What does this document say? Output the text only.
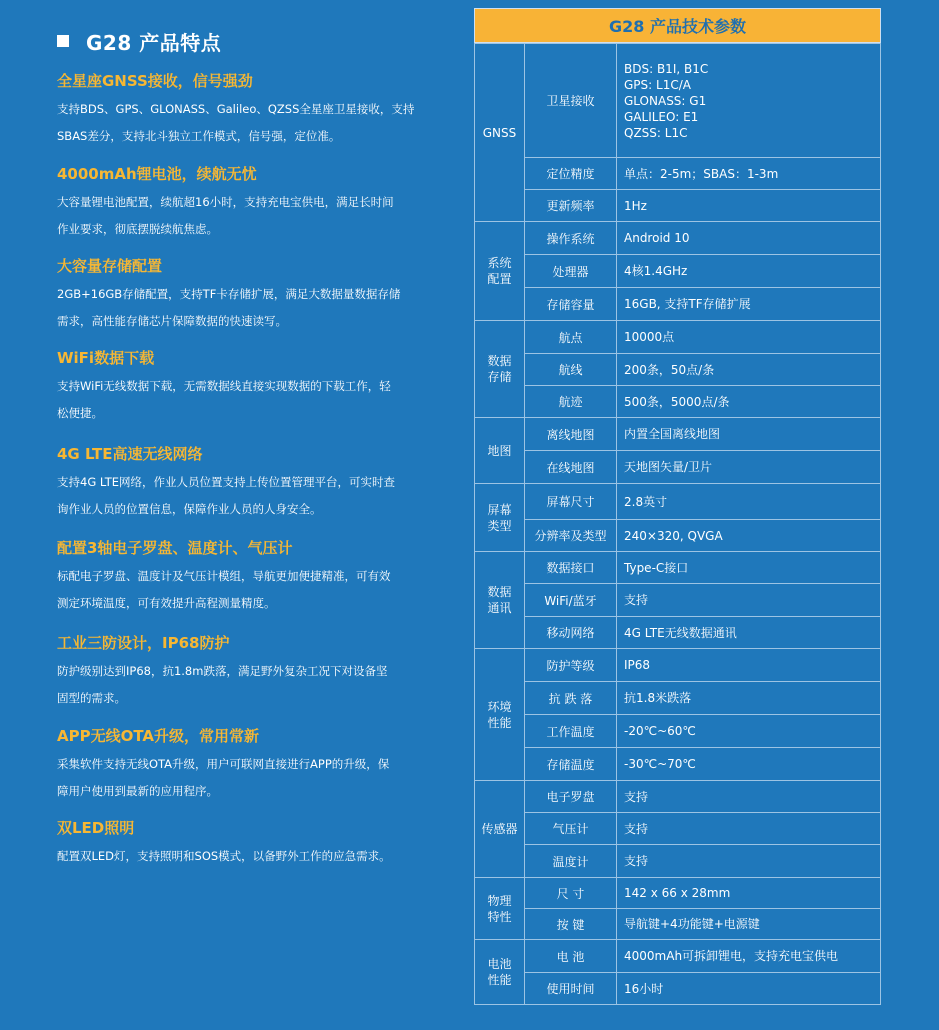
G28 产品特点
全星座GNSS接收，信号强劲
支持BDS、GPS、GLONASS、Galileo、QZSS全星座卫星接收，支持
SBAS差分，支持北斗独立工作模式，信号强，定位准。
4000mAh锂电池，续航无忧
大容量锂电池配置，续航超16小时，支持充电宝供电，满足长时间
作业要求，彻底摆脱续航焦虑。
大容量存储配置
2GB+16GB存储配置，支持TF卡存储扩展，满足大数据量数据存储
需求，高性能存储芯片保障数据的快速读写。
WiFi数据下载
支持WiFi无线数据下载，无需数据线直接实现数据的下载工作，轻
松便捷。
4G LTE高速无线网络
支持4G LTE网络，作业人员位置支持上传位置管理平台，可实时查
询作业人员的位置信息，保障作业人员的人身安全。
配置3轴电子罗盘、温度计、气压计
标配电子罗盘、温度计及气压计模组，导航更加便捷精准，可有效
测定环境温度，可有效提升高程测量精度。
工业三防设计，IP68防护
防护级别达到IP68，抗1.8m跌落，满足野外复杂工况下对设备坚
固型的需求。
APP无线OTA升级，常用常新
采集软件支持无线OTA升级，用户可联网直接进行APP的升级，保
障用户使用到最新的应用程序。
双LED照明
配置双LED灯，支持照明和SOS模式，以备野外工作的应急需求。
G28 产品技术参数
GNSS	卫星接收	BDS: B1I, B1C
GPS: L1C/A
GLONASS: G1
GALILEO: E1
QZSS: L1C

	定位精度	单点：2-5m；SBAS：1-3m

	更新频率	1Hz

系统
配置	操作系统	Android 10

	处理器	4核1.4GHz

	存储容量	16GB, 支持TF存储扩展

数据
存储	航点	10000点

	航线	200条，50点/条

	航迹	500条，5000点/条

地图	离线地图	内置全国离线地图

	在线地图	天地图矢量/卫片

屏幕
类型	屏幕尺寸	2.8英寸

	分辨率及类型	240×320, QVGA

数据
通讯	数据接口	Type-C接口

	WiFi/蓝牙	支持

	移动网络	4G LTE无线数据通讯

环境
性能	防护等级	IP68

	抗 跌 落	抗1.8米跌落

	工作温度	-20℃~60℃

	存储温度	-30℃~70℃

传感器	电子罗盘	支持

	气压计	支持

	温度计	支持

物理
特性	尺 寸	142 x 66 x 28mm

	按 键	导航键+4功能键+电源键

电池
性能	电 池	4000mAh可拆卸锂电，支持充电宝供电

	使用时间	16小时
